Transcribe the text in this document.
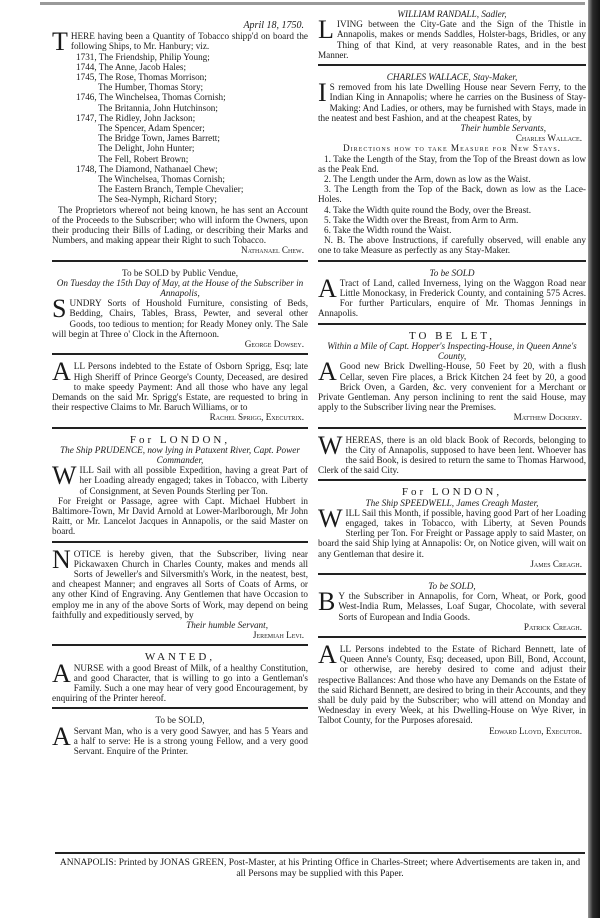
April 18, 1750.

THERE having been a Quantity of Tobacco shipp'd on board the following Ships, to Mr. Hanbury; viz.

1731, The Friendship, Philip Young;
1744, The Anne, Jacob Hales;
1745, The Rose, Thomas Morrison;
The Humber, Thomas Story;
1746, The Winchelsea, Thomas Cornish;
The Britannia, John Hutchinson;
1747, The Ridley, John Jackson;
The Spencer, Adam Spencer;
The Bridge Town, James Barrett;
The Delight, John Hunter;
The Fell, Robert Brown;
1748, The Diamond, Nathanael Chew;
The Winchelsea, Thomas Cornish;
The Eastern Branch, Temple Chevalier;
The Sea-Nymph, Richard Story;

The Proprietors whereof not being known, he has sent an Account of the Proceeds to the Subscriber; who will inform the Owners, upon their producing their Bills of Lading, or describing their Marks and Numbers, and making appear their Right to such Tobacco.

Nathanael Chew.
To be SOLD by Public Vendue,
On Tuesday the 15th Day of May, at the House of the Subscriber in Annapolis,

SUNDRY Sorts of Houshold Furniture, consisting of Beds, Bedding, Chairs, Tables, Brass, Pewter, and several other Goods, too tedious to mention; for Ready Money only. The Sale will begin at Three o' Clock in the Afternoon.

George Dowsey.

ALL Persons indebted to the Estate of Osborn Sprigg, Esq; late High Sheriff of Prince George's County, Deceased, are desired to make speedy Payment: And all those who have any legal Demands on the said Mr. Sprigg's Estate, are requested to bring in their respective Claims to Mr. Baruch Williams, or to

Rachel Sprigg, Executrix.
For LONDON,
The Ship PRUDENCE, now lying in Patuxent River, Capt. Power Commander,

WILL Sail with all possible Expedition, having a great Part of her Loading already engaged; takes in Tobacco, with Liberty of Consignment, at Seven Pounds Sterling per Ton.

For Freight or Passage, agree with Capt. Michael Hubbert in Baltimore-Town, Mr David Arnold at Lower-Marlborough, Mr John Raitt, or Mr. Lancelot Jacques in Annapolis, or the said Master on board.

NOTICE is hereby given, that the Subscriber, living near Pickawaxen Church in Charles County, makes and mends all Sorts of Jeweller's and Silversmith's Work, in the neatest, best, and cheapest Manner; and engraves all Sorts of Coats of Arms, or any other Kind of Engraving. Any Gentlemen that have Occasion to employ me in any of the above Sorts of Work, may depend on being faithfully and expeditiously served, by

Their humble Servant,
Jeremiah Levi.
WANTED,

ANURSE with a good Breast of Milk, of a healthy Constitution, and good Character, that is willing to go into a Gentleman's Family. Such a one may hear of very good Encouragement, by enquiring of the Printer hereof.

To be SOLD,

A Servant Man, who is a very good Sawyer, and has 5 Years and a half to serve: He is a strong young Fellow, and a very good Servant. Enquire of the Printer.

WILLIAM RANDALL, Sadler,

LIVING between the City-Gate and the Sign of the Thistle in Annapolis, makes or mends Saddles, Holster-bags, Bridles, or any Thing of that Kind, at very reasonable Rates, and in the best Manner.

CHARLES WALLACE, Stay-Maker,

I S removed from his late Dwelling House near Severn Ferry, to the Indian King in Annapolis; where he carries on the Business of Stay-Making: And Ladies, or others, may be furnished with Stays, made in the neatest and best Fashion, and at the cheapest Rates, by

Their humble Servants,
Charles Wallace.
Directions how to take Measure for New Stays.

1. Take the Length of the Stay, from the Top of the Breast down as low as the Peak End.

2. The Length under the Arm, down as low as the Waist.

3. The Length from the Top of the Back, down as low as the Lace-Holes.

4. Take the Width quite round the Body, over the Breast.

5. Take the Width over the Breast, from Arm to Arm.

6. Take the Width round the Waist.

N. B. The above Instructions, if carefully observed, will enable any one to take Measure as perfectly as any Stay-Maker.

To be SOLD

A Tract of Land, called Inverness, lying on the Waggon Road near Little Monockasy, in Frederick County, and containing 575 Acres. For further Particulars, enquire of Mr. Thomas Jennings in Annapolis.

TO BE LET,
Within a Mile of Capt. Hopper's Inspecting-House, in Queen Anne's County,

A Good new Brick Dwelling-House, 50 Feet by 20, with a flush Cellar, seven Fire places, a Brick Kitchen 24 feet by 20, a good Brick Oven, a Garden, &c. very convenient for a Merchant or Private Gentleman. Any person inclining to rent the said House, may apply to the Subscriber living near the Premises.

Matthew Dockery.

WHEREAS, there is an old black Book of Records, belonging to the City of Annapolis, supposed to have been lent. Whoever has the said Book, is desired to return the same to Thomas Harwood, Clerk of the said City.

For LONDON,
The Ship SPEEDWELL, James Creagh Master,

WILL Sail this Month, if possible, having good Part of her Loading engaged, takes in Tobacco, with Liberty, at Seven Pounds Sterling per Ton. For Freight or Passage apply to said Master, on board the said Ship lying at Annapolis: Or, on Notice given, will wait on any Gentleman that desire it.

James Creagh.
To be SOLD,

B Y the Subscriber in Annapolis, for Corn, Wheat, or Pork, good West-India Rum, Melasses, Loaf Sugar, Chocolate, with several Sorts of European and India Goods.

Patrick Creagh.

ALL Persons indebted to the Estate of Richard Bennett, late of Queen Anne's County, Esq; deceased, upon Bill, Bond, Account, or otherwise, are hereby desired to come and adjust their respective Ballances: And those who have any Demands on the Estate of the said Richard Bennett, are desired to bring in their Accounts, and they shall be duly paid by the Subscriber; who will attend on Monday and Wednesday in every Week, at his Dwelling-House on Wye River, in Talbot County, for the Purposes aforesaid.

Edward Lloyd, Executor.
ANNAPOLIS: Printed by JONAS GREEN, Post-Master, at his Printing Office in Charles-Street; where Advertisements are taken in, and all Persons may be supplied with this Paper.
